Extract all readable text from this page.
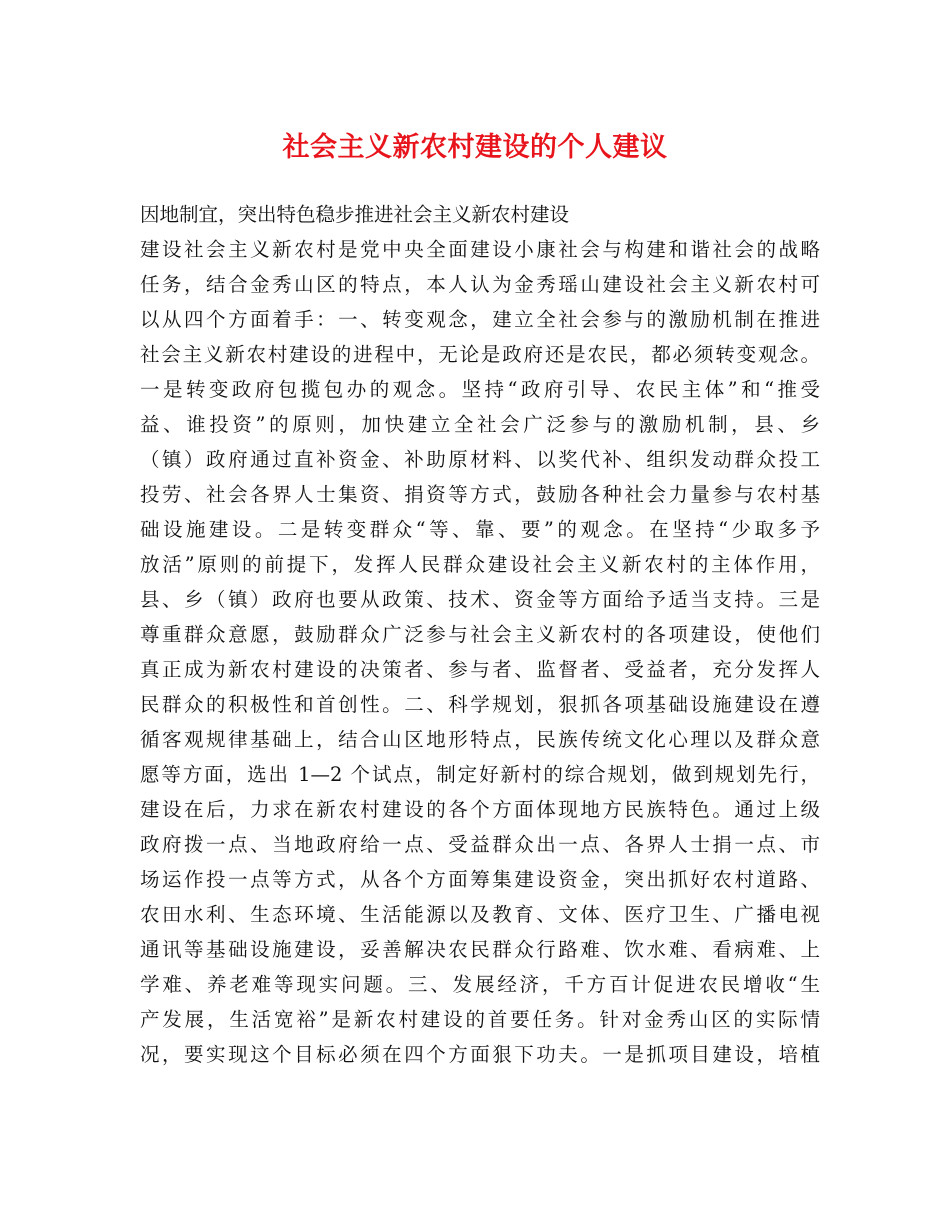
社会主义新农村建设的个人建议
因地制宜，突出特色稳步推进社会主义新农村建设
建设社会主义新农村是党中央全面建设小康社会与构建和谐社会的战略
任务，结合金秀山区的特点，本人认为金秀瑶山建设社会主义新农村可
以从四个方面着手：一、转变观念，建立全社会参与的激励机制在推进
社会主义新农村建设的进程中，无论是政府还是农民，都必须转变观念。
一是转变政府包揽包办的观念。坚持“政府引导、农民主体”和“推受
益、谁投资”的原则，加快建立全社会广泛参与的激励机制，县、乡
（镇）政府通过直补资金、补助原材料、以奖代补、组织发动群众投工
投劳、社会各界人士集资、捐资等方式，鼓励各种社会力量参与农村基
础设施建设。二是转变群众“等、靠、要”的观念。在坚持“少取多予
放活”原则的前提下，发挥人民群众建设社会主义新农村的主体作用，
县、乡（镇）政府也要从政策、技术、资金等方面给予适当支持。三是
尊重群众意愿，鼓励群众广泛参与社会主义新农村的各项建设，使他们
真正成为新农村建设的决策者、参与者、监督者、受益者，充分发挥人
民群众的积极性和首创性。二、科学规划，狠抓各项基础设施建设在遵
循客观规律基础上，结合山区地形特点，民族传统文化心理以及群众意
愿等方面，选出 1—2 个试点，制定好新村的综合规划，做到规划先行，
建设在后，力求在新农村建设的各个方面体现地方民族特色。通过上级
政府拨一点、当地政府给一点、受益群众出一点、各界人士捐一点、市
场运作投一点等方式，从各个方面筹集建设资金，突出抓好农村道路、
农田水利、生态环境、生活能源以及教育、文体、医疗卫生、广播电视
通讯等基础设施建设，妥善解决农民群众行路难、饮水难、看病难、上
学难、养老难等现实问题。三、发展经济，千方百计促进农民增收“生
产发展，生活宽裕”是新农村建设的首要任务。针对金秀山区的实际情
况，要实现这个目标必须在四个方面狠下功夫。一是抓项目建设，培植
